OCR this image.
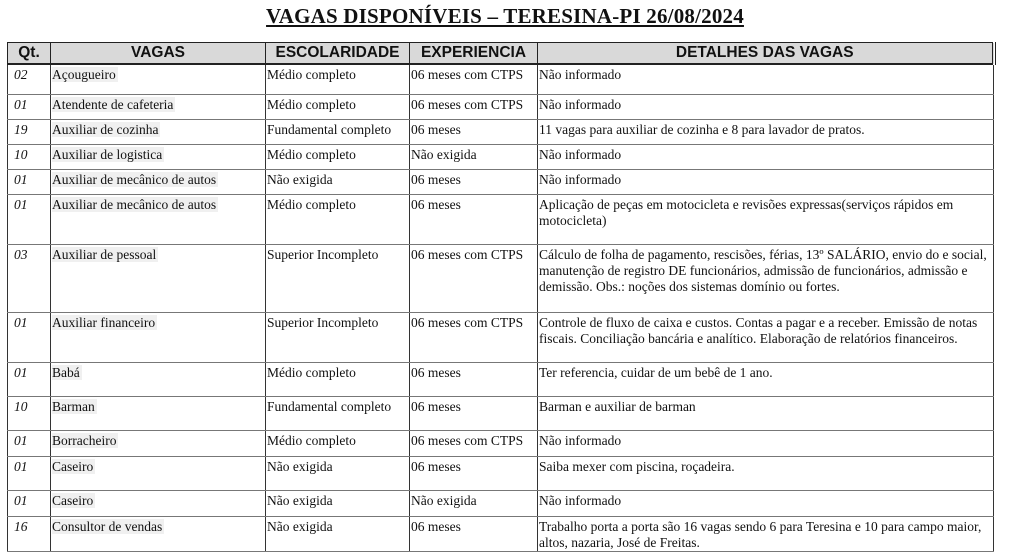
VAGAS DISPONÍVEIS – TERESINA-PI 26/08/2024
Qt.	VAGAS	ESCOLARIDADE	EXPERIENCIA	DETALHES DAS VAGAS
02	Açougueiro	Médio completo	06 meses com CTPS	Não informado
01	Atendente de cafeteria	Médio completo	06 meses com CTPS	Não informado
19	Auxiliar de cozinha	Fundamental completo	06 meses	11 vagas para auxiliar de cozinha e 8 para lavador de pratos.
10	Auxiliar de logistica	Médio completo	Não exigida	Não informado
01	Auxiliar de mecânico de autos	Não exigida	06 meses	Não informado
01	Auxiliar de mecânico de autos	Médio completo	06 meses	Aplicação de peças em motocicleta e revisões expressas(serviços rápidos em motocicleta)
03	Auxiliar de pessoal	Superior Incompleto	06 meses com CTPS	Cálculo de folha de pagamento, rescisões, férias, 13º SALÁRIO, envio do e social, manutenção de registro DE funcionários, admissão de funcionários, admissão e demissão. Obs.: noções dos sistemas domínio ou fortes.
01	Auxiliar financeiro	Superior Incompleto	06 meses com CTPS	Controle de fluxo de caixa e custos. Contas a pagar e a receber. Emissão de notas fiscais. Conciliação bancária e analítico. Elaboração de relatórios financeiros.
01	Babá	Médio completo	06 meses	Ter referencia, cuidar de um bebê de 1 ano.
10	Barman	Fundamental completo	06 meses	Barman e auxiliar de barman
01	Borracheiro	Médio completo	06 meses com CTPS	Não informado
01	Caseiro	Não exigida	06 meses	Saiba mexer com piscina, roçadeira.
01	Caseiro	Não exigida	Não exigida	Não informado
16	Consultor de vendas	Não exigida	06 meses	Trabalho porta a porta são 16 vagas sendo 6 para Teresina e 10 para campo maior, altos, nazaria, José de Freitas.
